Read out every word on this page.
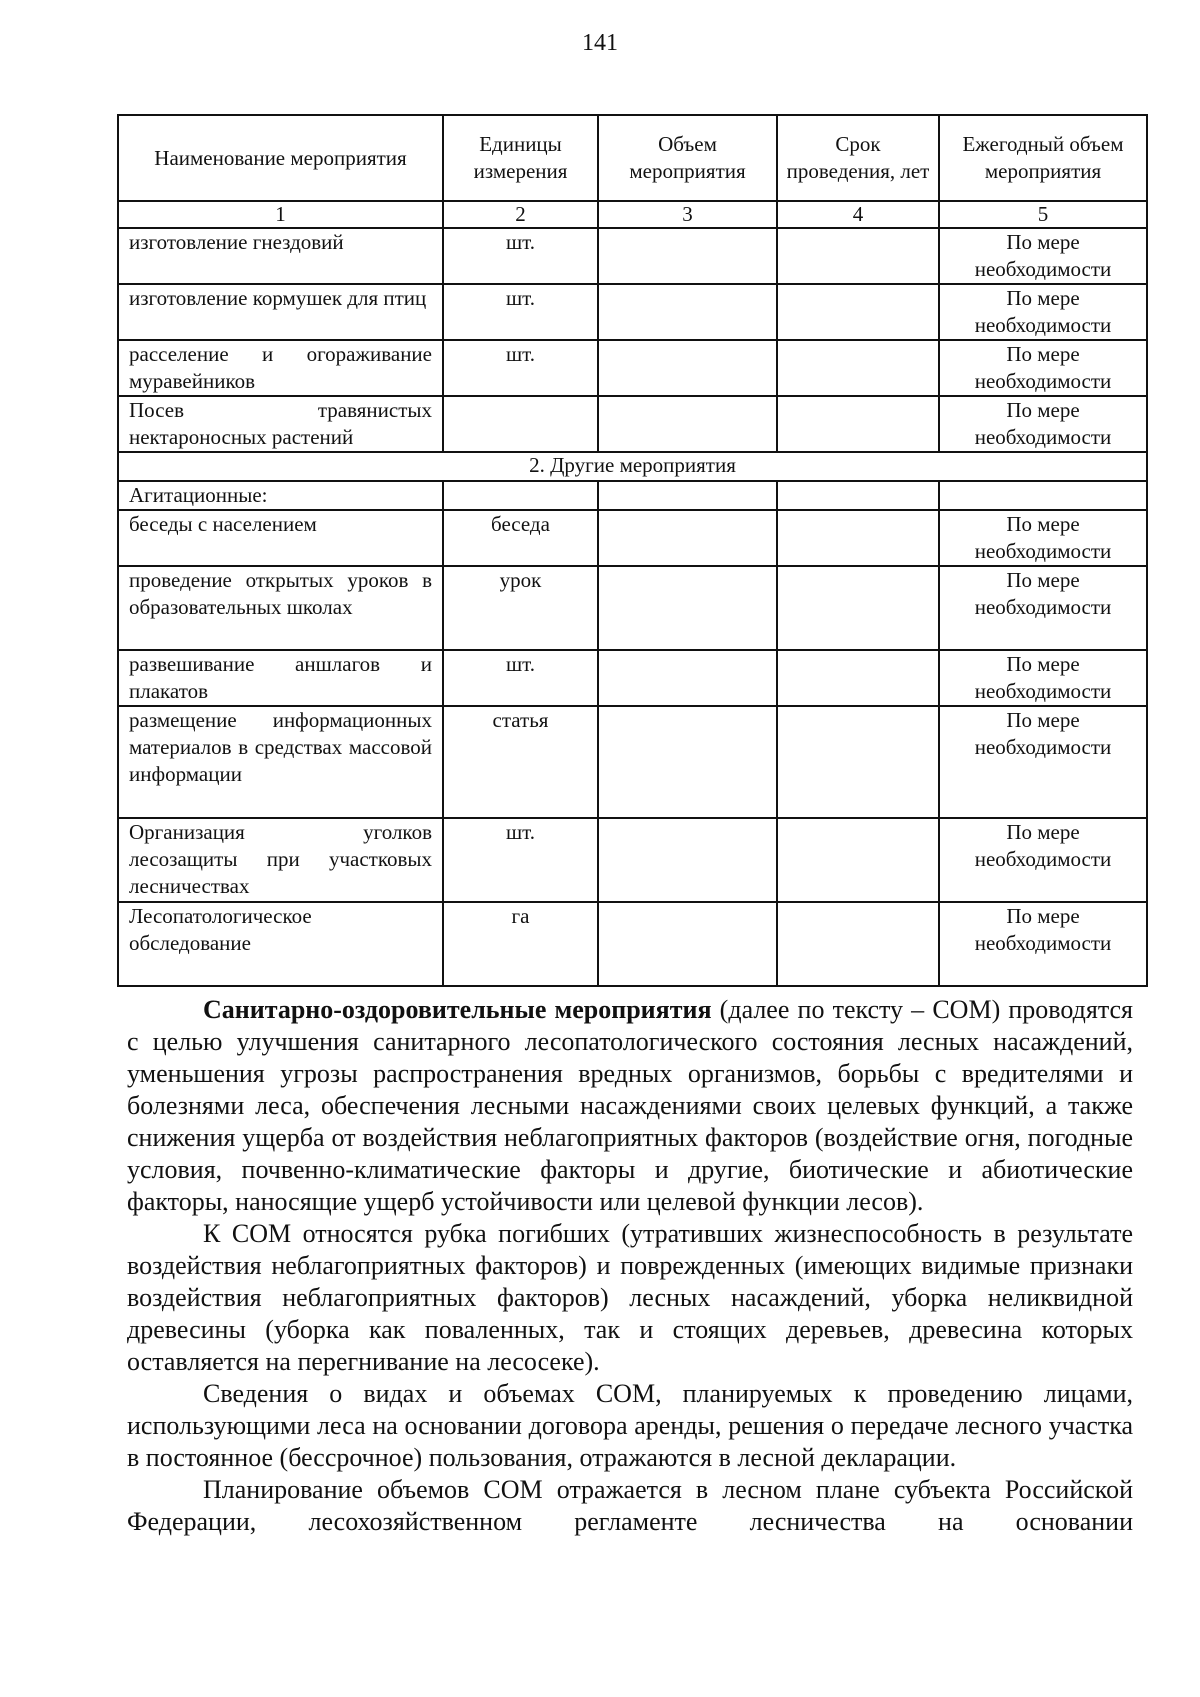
141
Наименование мероприятия	Единицы измерения	Объем мероприятия	Срок проведения, лет	Ежегодный объем мероприятия
1	2	3	4	5
изготовление гнездовий	шт.			По мере необходимости
изготовление кормушек для птиц	шт.			По мере необходимости
расселение и огораживание муравейников	шт.			По мере необходимости
Посев травянистых нектароносных растений				По мере необходимости
2. Другие мероприятия				
Агитационные:				
беседы с населением	беседа			По мере необходимости
проведение открытых уроков в образовательных школах	урок			По мере необходимости
развешивание аншлагов и плакатов	шт.			По мере необходимости
размещение информационных материалов в средствах массовой информации	статья			По мере необходимости
Организация уголков лесозащиты при участковых лесничествах	шт.			По мере необходимости
Лесопатологическое обследование	га			По мере необходимости

Санитарно-оздоровительные мероприятия (далее по тексту – СОМ) проводятся с целью улучшения санитарного лесопатологического состояния лесных насаждений, уменьшения угрозы распространения вредных организмов, борьбы с вредителями и болезнями леса, обеспечения лесными насаждениями своих целевых функций, а также снижения ущерба от воздействия неблагоприятных факторов (воздействие огня, погодные условия, почвенно-климатические факторы и другие, биотические и абиотические факторы, наносящие ущерб устойчивости или целевой функции лесов).

К СОМ относятся рубка погибших (утративших жизнеспособность в результате воздействия неблагоприятных факторов) и поврежденных (имеющих видимые признаки воздействия неблагоприятных факторов) лесных насаждений, уборка неликвидной древесины (уборка как поваленных, так и стоящих деревьев, древесина которых оставляется на перегнивание на лесосеке).

Сведения о видах и объемах СОМ, планируемых к проведению лицами, использующими леса на основании договора аренды, решения о передаче лесного участка в постоянное (бессрочное) пользования, отражаются в лесной декларации.

Планирование объемов СОМ отражается в лесном плане субъекта Российской Федерации, лесохозяйственном регламенте лесничества на основании
